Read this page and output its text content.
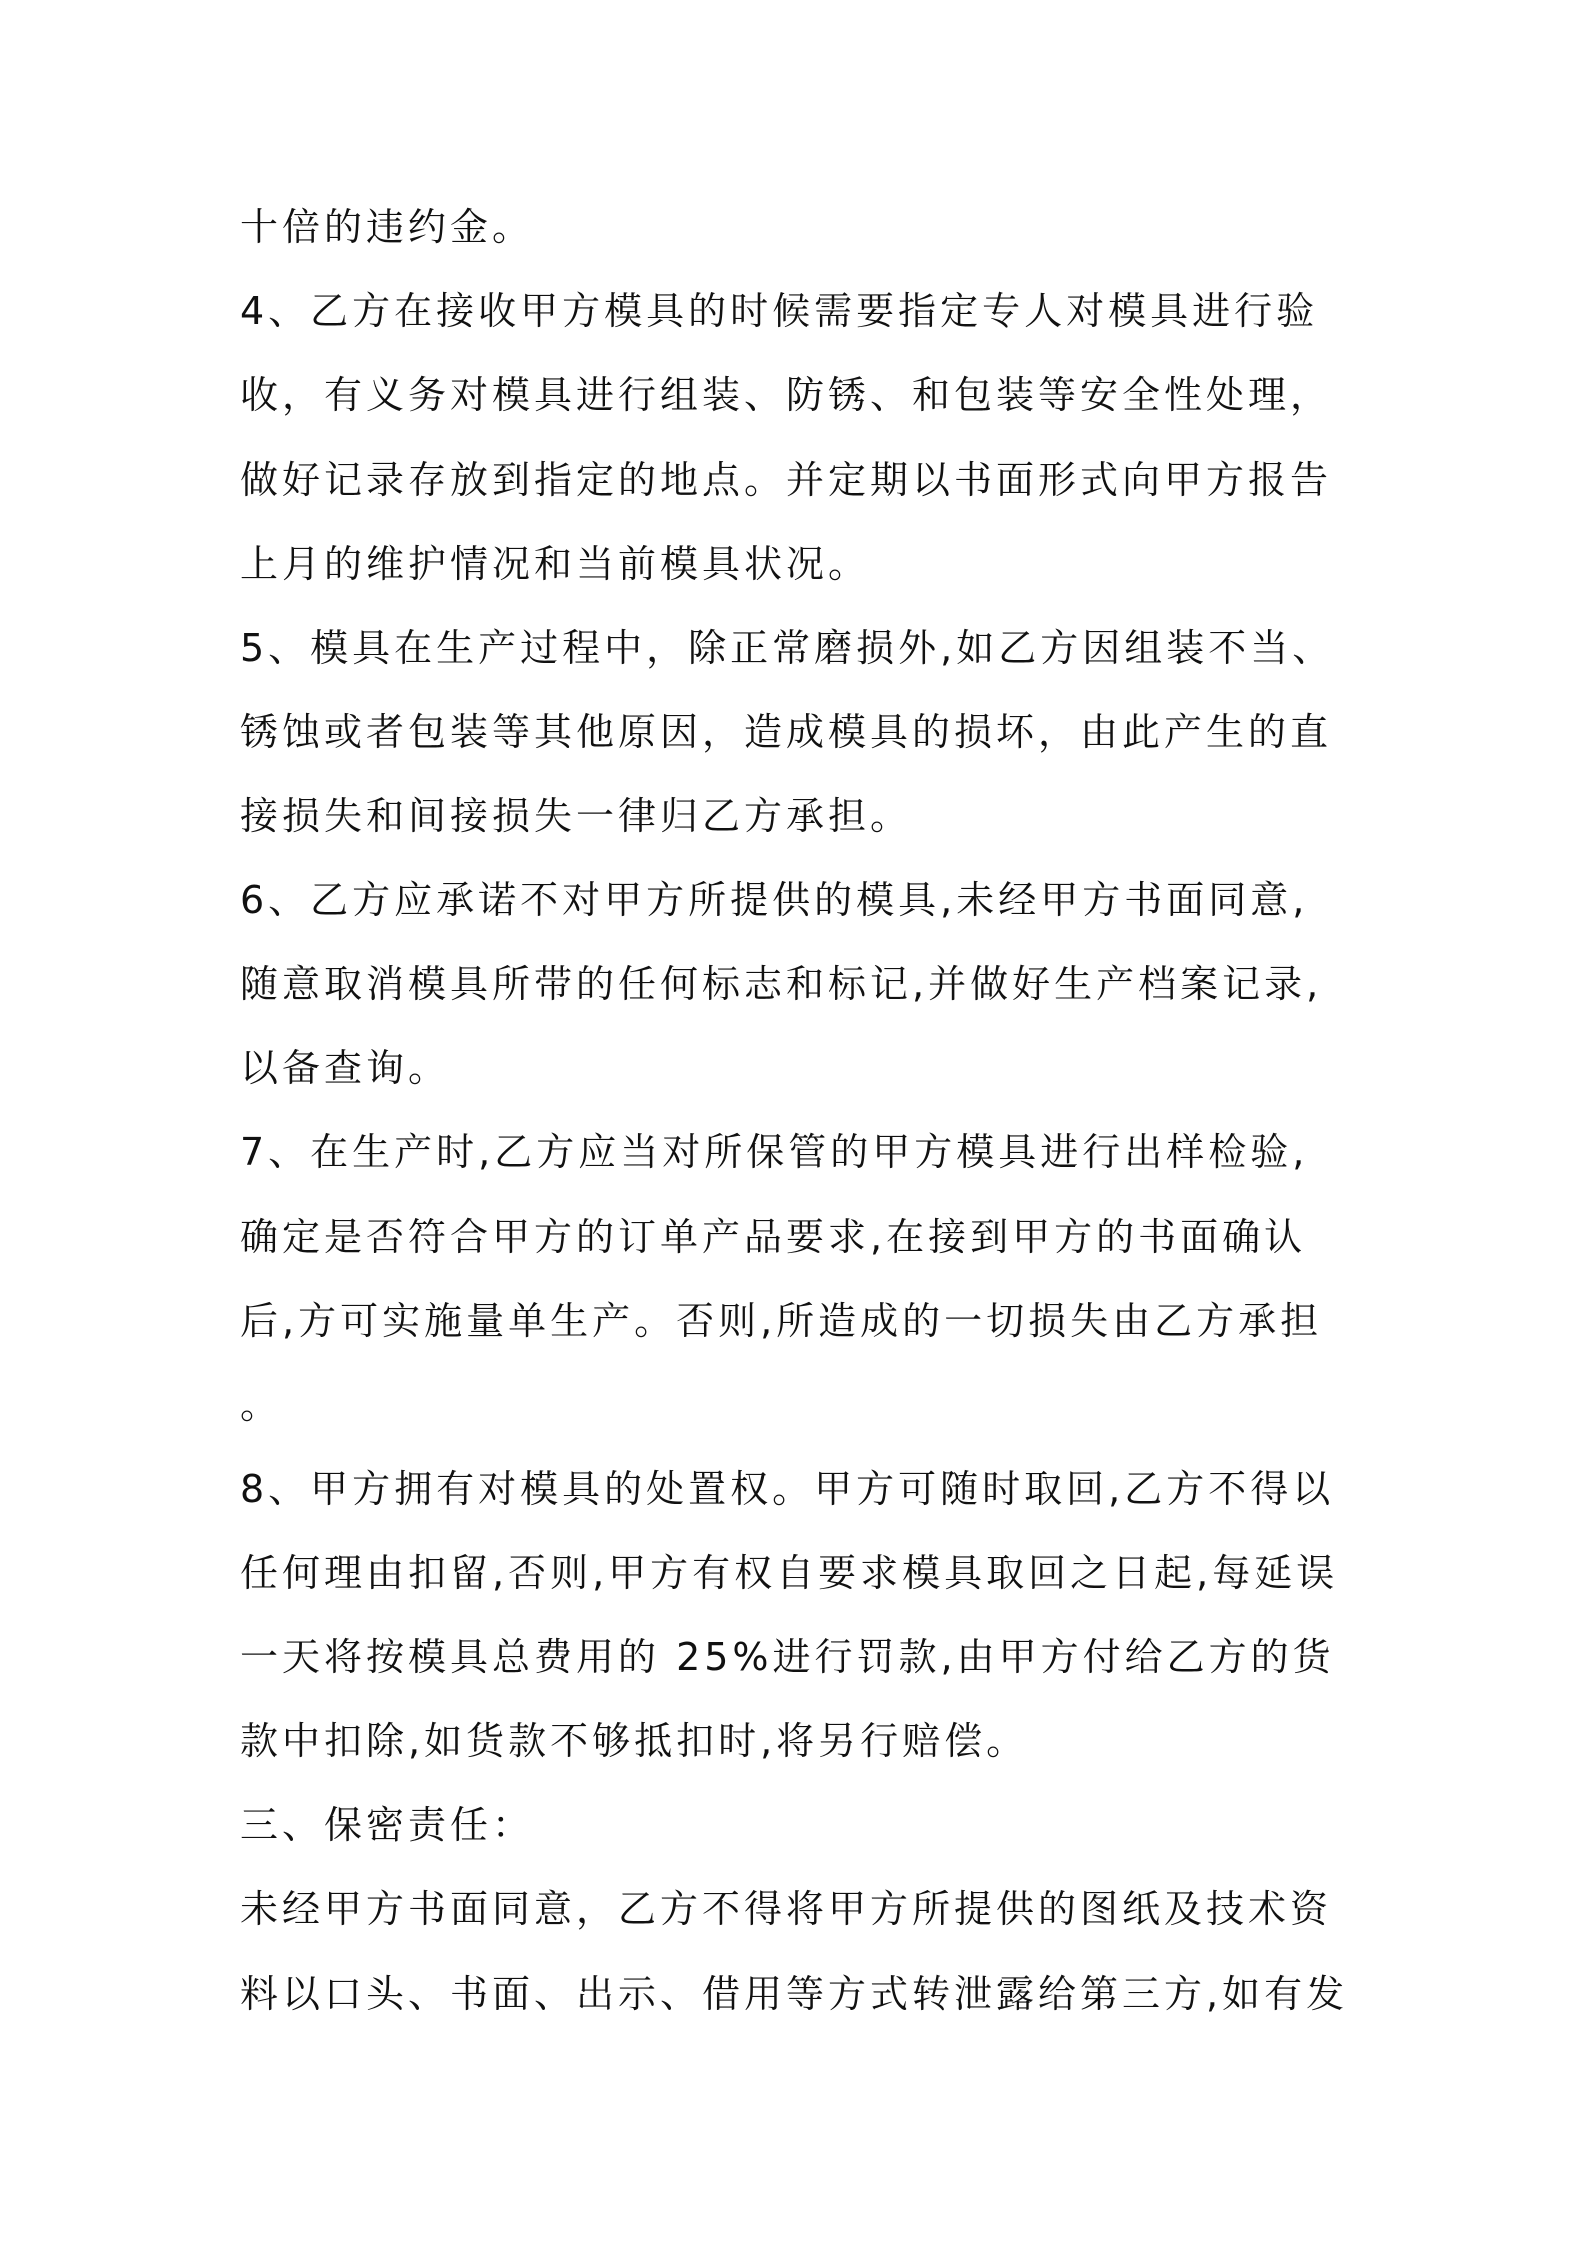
十倍的违约金。

4、乙方在接收甲方模具的时候需要指定专人对模具进行验

收，有义务对模具进行组装、防锈、和包装等安全性处理，

做好记录存放到指定的地点。并定期以书面形式向甲方报告

上月的维护情况和当前模具状况。

5、模具在生产过程中，除正常磨损外,如乙方因组装不当、

锈蚀或者包装等其他原因，造成模具的损坏，由此产生的直

接损失和间接损失一律归乙方承担。

6、乙方应承诺不对甲方所提供的模具,未经甲方书面同意,

随意取消模具所带的任何标志和标记,并做好生产档案记录,

以备查询。

7、在生产时,乙方应当对所保管的甲方模具进行出样检验,

确定是否符合甲方的订单产品要求,在接到甲方的书面确认

后,方可实施量单生产。否则,所造成的一切损失由乙方承担

。

8、甲方拥有对模具的处置权。甲方可随时取回,乙方不得以

任何理由扣留,否则,甲方有权自要求模具取回之日起,每延误

一天将按模具总费用的 25%进行罚款,由甲方付给乙方的货

款中扣除,如货款不够抵扣时,将另行赔偿。

三、保密责任：

未经甲方书面同意，乙方不得将甲方所提供的图纸及技术资

料以口头、书面、出示、借用等方式转泄露给第三方,如有发
